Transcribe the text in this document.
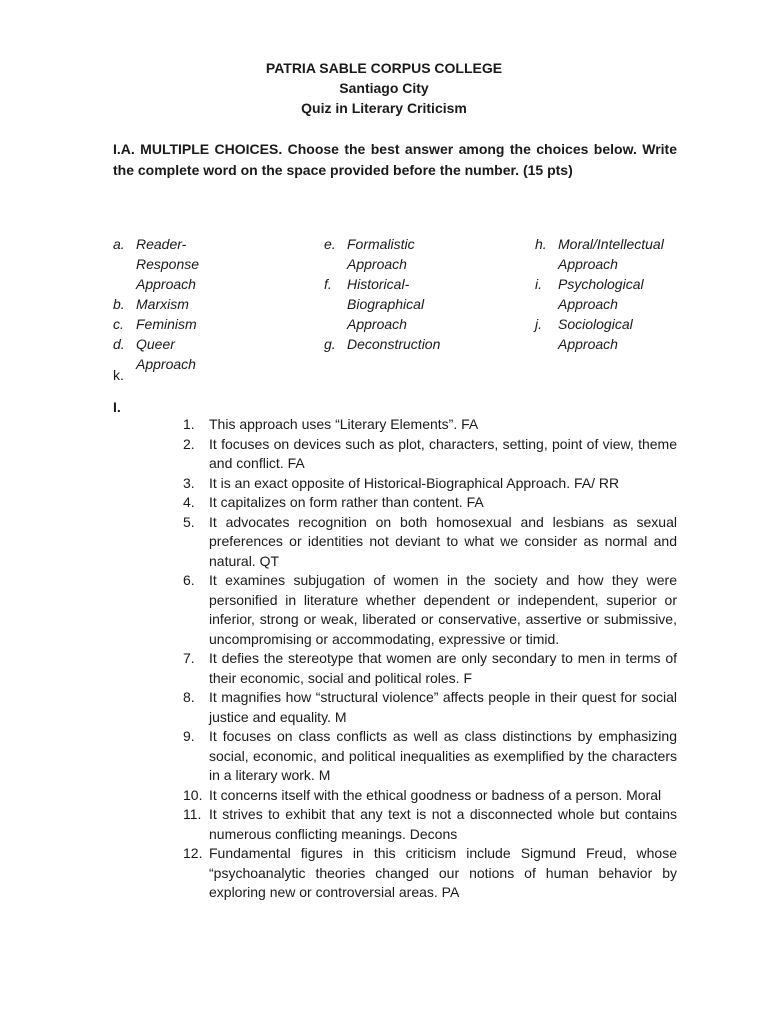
PATRIA SABLE CORPUS COLLEGE
Santiago City
Quiz in Literary Criticism
I.A. MULTIPLE CHOICES. Choose the best answer among the choices below. Write the complete word on the space provided before the number. (15 pts)
a. Reader-Response Approach
b. Marxism
c. Feminism
d. Queer Approach
e. Formalistic Approach
f. Historical-Biographical Approach
g. Deconstruction
h. Moral/Intellectual Approach
i. Psychological Approach
j. Sociological Approach
k.
I.
1. This approach uses “Literary Elements”. FA
2. It focuses on devices such as plot, characters, setting, point of view, theme and conflict. FA
3. It is an exact opposite of Historical-Biographical Approach. FA/ RR
4. It capitalizes on form rather than content. FA
5. It advocates recognition on both homosexual and lesbians as sexual preferences or identities not deviant to what we consider as normal and natural. QT
6. It examines subjugation of women in the society and how they were personified in literature whether dependent or independent, superior or inferior, strong or weak, liberated or conservative, assertive or submissive, uncompromising or accommodating, expressive or timid.
7. It defies the stereotype that women are only secondary to men in terms of their economic, social and political roles. F
8. It magnifies how “structural violence” affects people in their quest for social justice and equality. M
9. It focuses on class conflicts as well as class distinctions by emphasizing social, economic, and political inequalities as exemplified by the characters in a literary work. M
10. It concerns itself with the ethical goodness or badness of a person. Moral
11. It strives to exhibit that any text is not a disconnected whole but contains numerous conflicting meanings. Decons
12. Fundamental figures in this criticism include Sigmund Freud, whose “psychoanalytic theories changed our notions of human behavior by exploring new or controversial areas. PA
